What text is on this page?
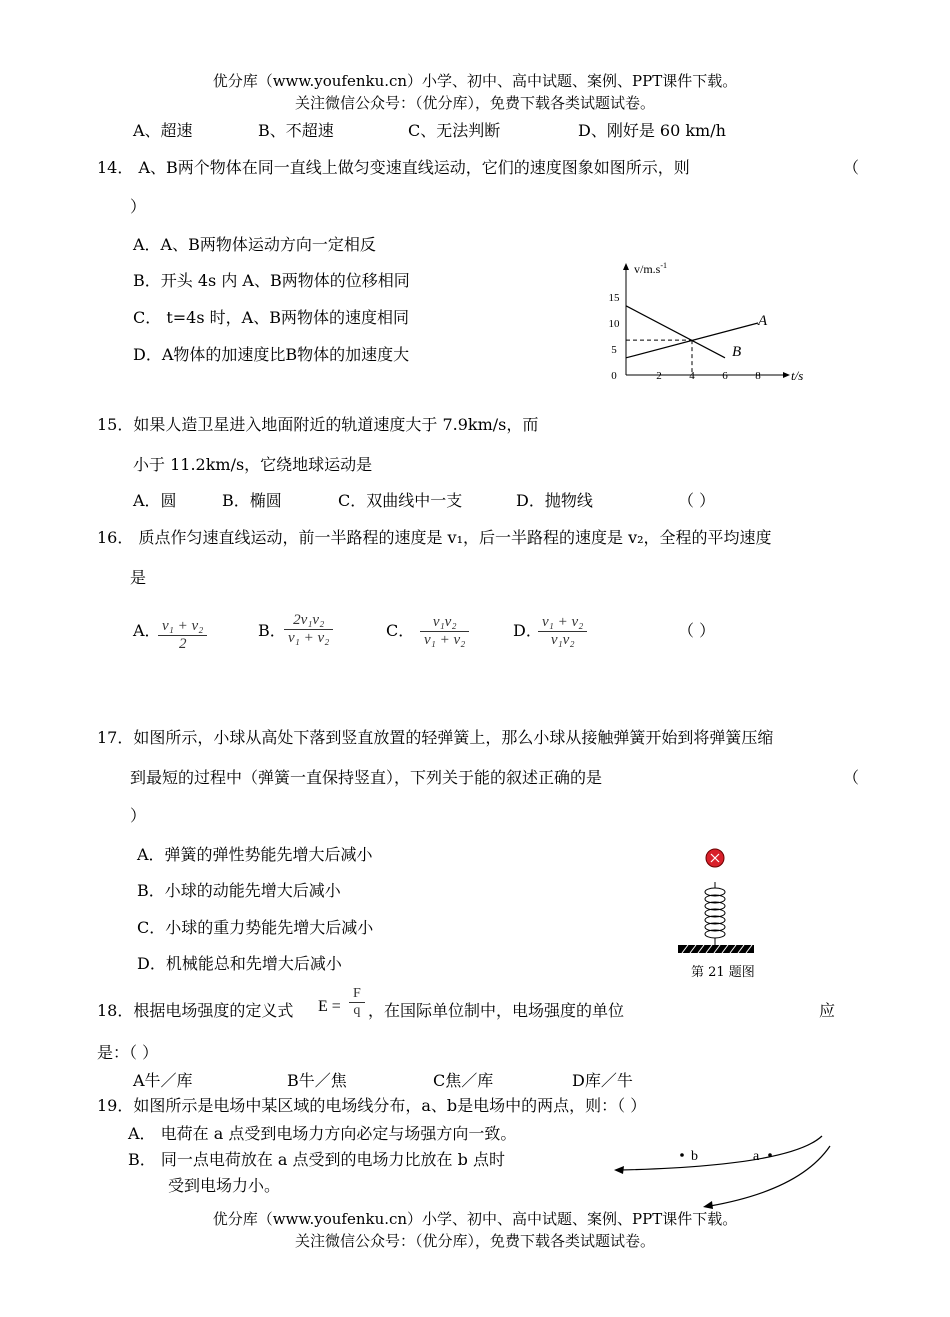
优分库（www.youfenku.cn）小学、初中、高中试题、案例、PPT课件下载。
关注微信公众号：（优分库），免费下载各类试题试卷。
A、超速	B、不超速	C、无法判断	D、刚好是 60 km/h
14． A、B两个物体在同一直线上做匀变速直线运动，它们的速度图象如图所示，则	（
）
A．A、B两物体运动方向一定相反
B．开头 4s 内 A、B两物体的位移相同
C． t=4s 时，A、B两物体的速度相同
D．A物体的加速度比B物体的加速度大
$v/m.s^{-1}$
t/s
15
10
5
0	2	4	6	8
A
B
15．如果人造卫星进入地面附近的轨道速度大于 7.9km/s，而
小于 11.2km/s，它绕地球运动是
A．圆	B．椭圆	C．双曲线中一支	D．抛物线	（ ）
16． 质点作匀速直线运动，前一半路程的速度是 v₁，后一半路程的速度是 v₂，全程的平均速度
是
A．
$\frac{\text{v₁ + v₂}}{2}$	B．
$\frac{\text{2v₁v₂}}{\text{v₁ + v₂}}$	C． $\frac{\text{v₁v₂}}{\text{v₁ + v₂}}$	D．
$\frac{\text{v₁ + v₂}}{\text{v₁v₂}}$	（ ）
17．如图所示，小球从高处下落到竖直放置的轻弹簧上，那么小球从接触弹簧开始到将弹簧压缩
到最短的过程中（弹簧一直保持竖直），下列关于能的叙述正确的是	（
）
A．弹簧的弹性势能先增大后减小
B．小球的动能先增大后减小
C．小球的重力势能先增大后减小
D．机械能总和先增大后减小	第 21 题图
18．根据电场强度的定义式 $E = \frac{F}{q}$ ，在国际单位制中，电场强度的单位	应
是：（ ）
A牛／库	B牛／焦	C焦／库	D库／牛
19．如图所示是电场中某区域的电场线分布，a、b是电场中的两点，则：（ ）
A． 电荷在 a 点受到电场力方向必定与场强方向一致。
B． 同一点电荷放在 a 点受到的电场力比放在 b 点时
受到电场力小。
b	a
优分库（www.youfenku.cn）小学、初中、高中试题、案例、PPT课件下载。
关注微信公众号：（优分库），免费下载各类试题试卷。
